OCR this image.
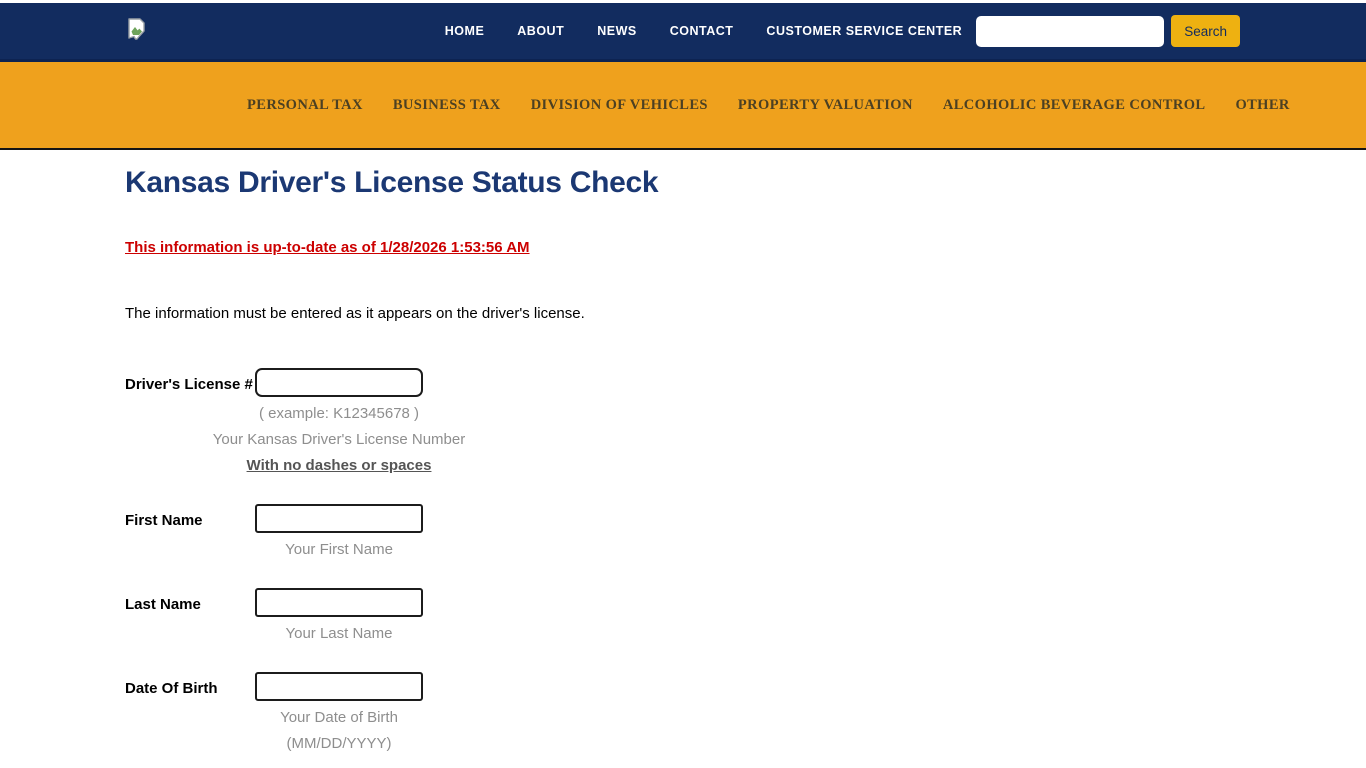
HOME	ABOUT	NEWS	CONTACT	CUSTOMER SERVICE CENTER	Search
PERSONAL TAX BUSINESS TAX DIVISION OF VEHICLES PROPERTY VALUATION ALCOHOLIC BEVERAGE CONTROL OTHER
Kansas Driver's License Status Check
This information is up-to-date as of 1/28/2026 1:53:56 AM

The information must be entered as it appears on the driver's license.

Driver's License #
( example: K12345678 )
Your Kansas Driver's License Number
With no dashes or spaces
First Name
Your First Name
Last Name
Your Last Name
Date Of Birth
Your Date of Birth
(MM/DD/YYYY)
